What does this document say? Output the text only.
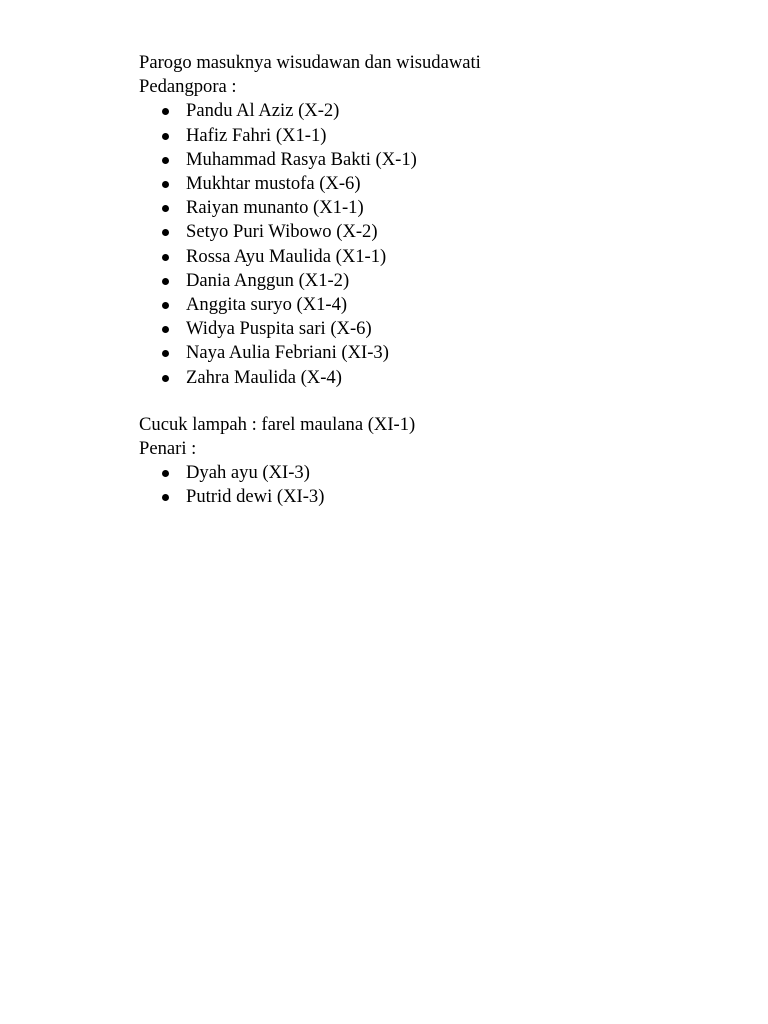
Parogo masuknya wisudawan dan wisudawati

Pedangpora :

Pandu Al Aziz (X-2)
Hafiz Fahri (X1-1)
Muhammad Rasya Bakti (X-1)
Mukhtar mustofa (X-6)
Raiyan munanto (X1-1)
Setyo Puri Wibowo (X-2)
Rossa Ayu Maulida (X1-1)
Dania Anggun (X1-2)
Anggita suryo (X1-4)
Widya Puspita sari (X-6)
Naya Aulia Febriani (XI-3)
Zahra Maulida (X-4)

Cucuk lampah : farel maulana (XI-1)

Penari :

Dyah ayu (XI-3)
Putrid dewi (XI-3)
